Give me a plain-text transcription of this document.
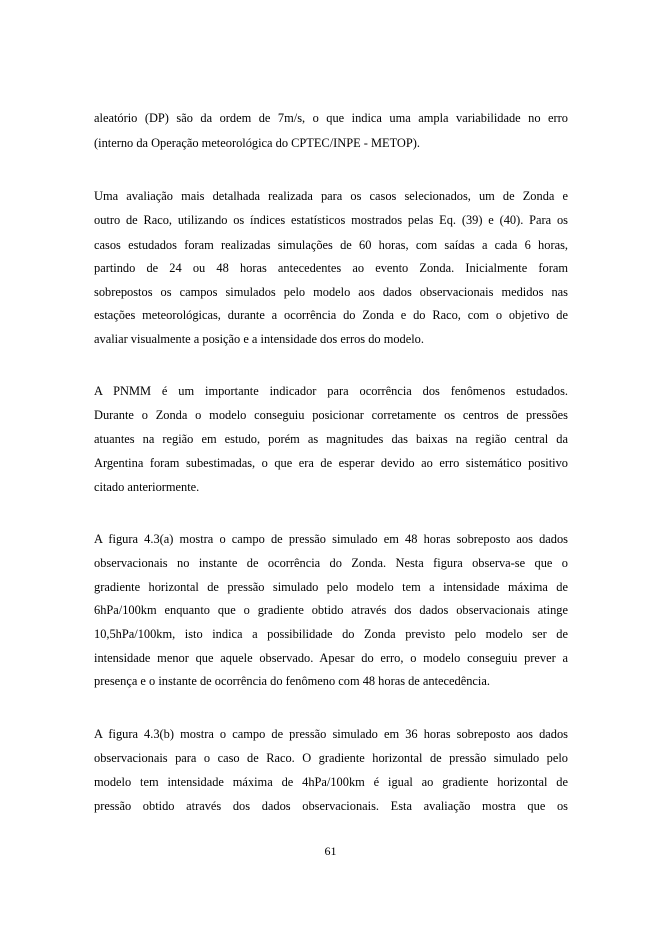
aleatório (DP) são da ordem de 7m/s, o que indica uma ampla variabilidade no erro

(interno da Operação meteorológica do CPTEC/INPE - METOP).

Uma avaliação mais detalhada realizada para os casos selecionados, um de Zonda e

outro de Raco, utilizando os índices estatísticos mostrados pelas Eq. (39) e (40). Para os

casos estudados foram realizadas simulações de 60 horas, com saídas a cada 6 horas,

partindo de 24 ou 48 horas antecedentes ao evento Zonda. Inicialmente foram

sobrepostos os campos simulados pelo modelo aos dados observacionais medidos nas

estações meteorológicas, durante a ocorrência do Zonda e do Raco, com o objetivo de

avaliar visualmente a posição e a intensidade dos erros do modelo.

A PNMM é um importante indicador para ocorrência dos fenômenos estudados.

Durante o Zonda o modelo conseguiu posicionar corretamente os centros de pressões

atuantes na região em estudo, porém as magnitudes das baixas na região central da

Argentina foram subestimadas, o que era de esperar devido ao erro sistemático positivo

citado anteriormente.

A figura 4.3(a) mostra o campo de pressão simulado em 48 horas sobreposto aos dados

observacionais no instante de ocorrência do Zonda. Nesta figura observa-se que o

gradiente horizontal de pressão simulado pelo modelo tem a intensidade máxima de

6hPa/100km enquanto que o gradiente obtido através dos dados observacionais atinge

10,5hPa/100km, isto indica a possibilidade do Zonda previsto pelo modelo ser de

intensidade menor que aquele observado. Apesar do erro, o modelo conseguiu prever a

presença e o instante de ocorrência do fenômeno com 48 horas de antecedência.

A figura 4.3(b) mostra o campo de pressão simulado em 36 horas sobreposto aos dados

observacionais para o caso de Raco. O gradiente horizontal de pressão simulado pelo

modelo tem intensidade máxima de 4hPa/100km é igual ao gradiente horizontal de

pressão obtido através dos dados observacionais. Esta avaliação mostra que os

61
